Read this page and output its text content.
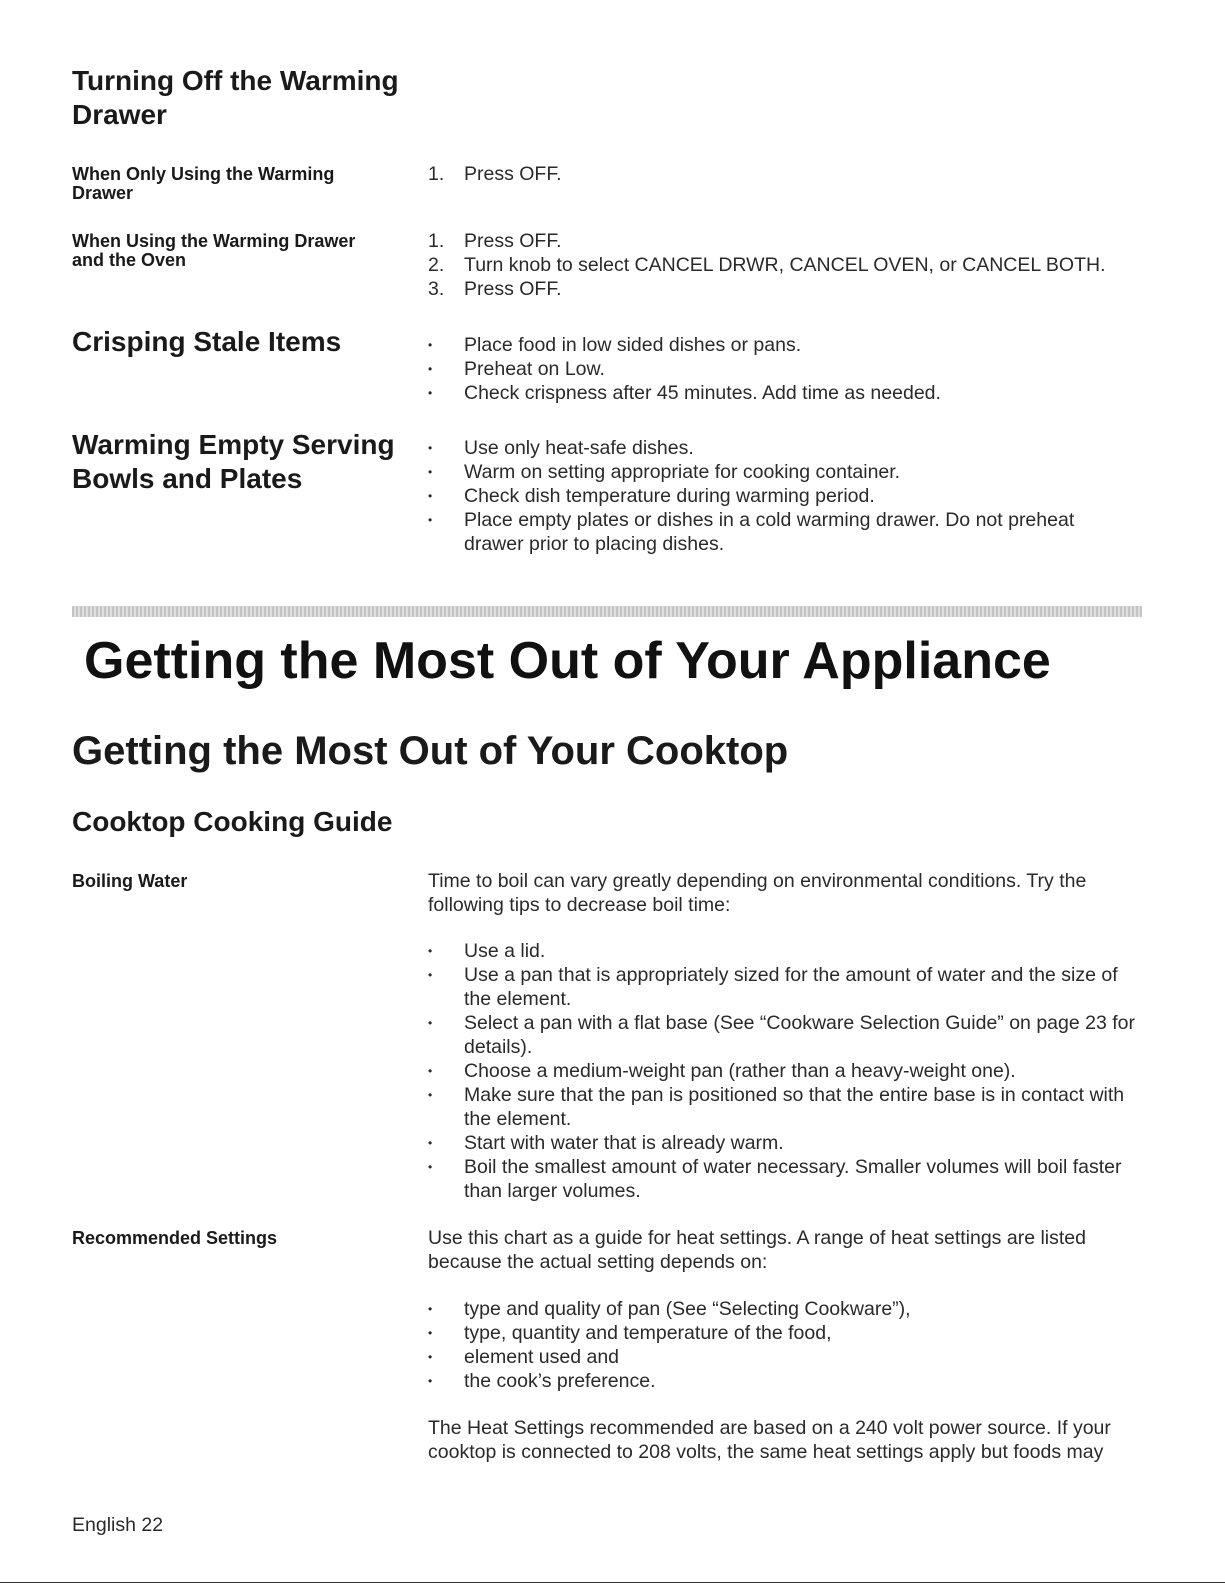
Turning Off the Warming
Drawer
When Only Using the Warming
Drawer
1. Press OFF.
When Using the Warming Drawer
and the Oven
1. Press OFF.
2. Turn knob to select CANCEL DRWR, CANCEL OVEN, or CANCEL BOTH.
3. Press OFF.
Crisping Stale Items	• Place food in low sided dishes or pans.
• Preheat on Low.
• Check crispness after 45 minutes. Add time as needed.
Warming Empty Serving
Bowls and Plates
• Use only heat-safe dishes.
• Warm on setting appropriate for cooking container.
• Check dish temperature during warming period.
• Place empty plates or dishes in a cold warming drawer. Do not preheat drawer prior to placing dishes.
Getting the Most Out of Your Appliance
Getting the Most Out of Your Cooktop
Cooktop Cooking Guide
Boiling Water	Time to boil can vary greatly depending on environmental conditions. Try the following tips to decrease boil time:
• Use a lid.
• Use a pan that is appropriately sized for the amount of water and the size of the element.
• Select a pan with a flat base (See “Cookware Selection Guide” on page 23 for details).
• Choose a medium-weight pan (rather than a heavy-weight one).
• Make sure that the pan is positioned so that the entire base is in contact with the element.
• Start with water that is already warm.
• Boil the smallest amount of water necessary. Smaller volumes will boil faster than larger volumes.
Recommended Settings	Use this chart as a guide for heat settings. A range of heat settings are listed because the actual setting depends on:
• type and quality of pan (See “Selecting Cookware”),
• type, quantity and temperature of the food,
• element used and
• the cook’s preference.
The Heat Settings recommended are based on a 240 volt power source. If your cooktop is connected to 208 volts, the same heat settings apply but foods may
English 22
